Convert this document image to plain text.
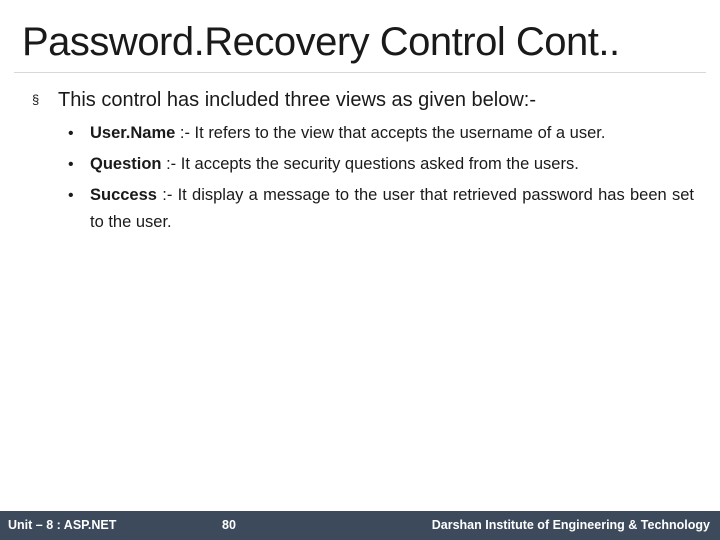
Password.Recovery Control Cont..
§ This control has included three views as given below:-
• User.Name :- It refers to the view that accepts the username of a user.
• Question :- It accepts the security questions asked from the users.
• Success :- It display a message to the user that retrieved password has been set to the user.
Unit – 8 : ASP.NET	80	Darshan Institute of Engineering & Technology
